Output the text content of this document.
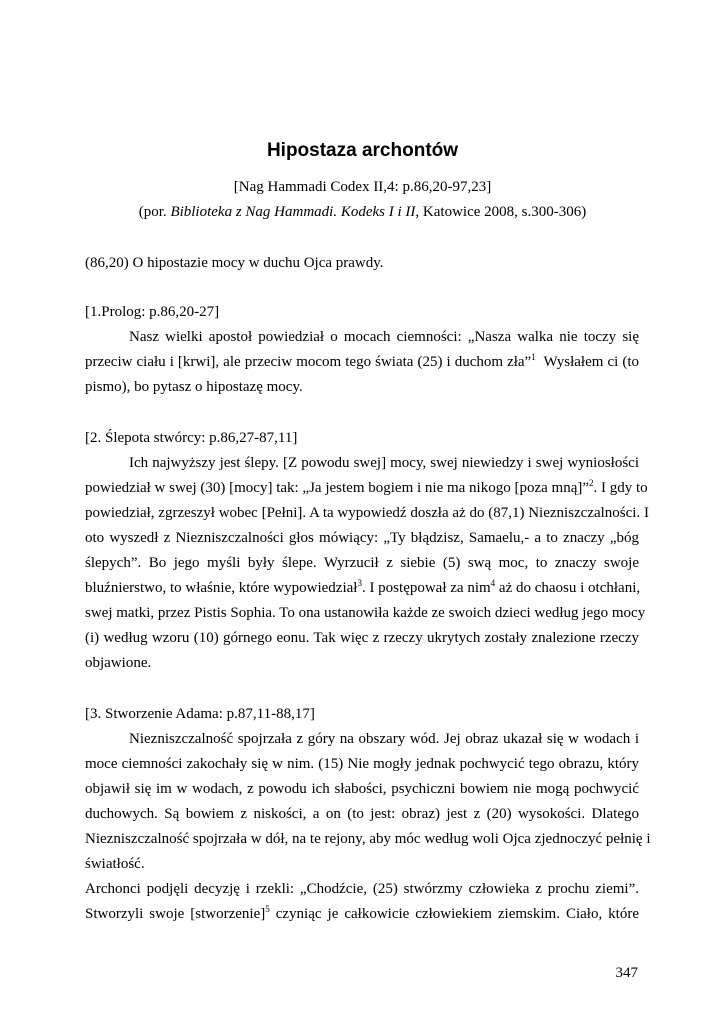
Hipostaza archontów
[Nag Hammadi Codex II,4: p.86,20-97,23]
(por. Biblioteka z Nag Hammadi. Kodeks I i II, Katowice 2008, s.300-306)
(86,20) O hipostazie mocy w duchu Ojca prawdy.
[1.Prolog: p.86,20-27]
Nasz wielki apostoł powiedział o mocach ciemności: „Nasza walka nie toczy się
przeciw ciału i [krwi], ale przeciw mocom tego świata (25) i duchom zła”$^1$  Wysłałem ci (to
pismo), bo pytasz o hipostazę mocy.
[2. Ślepota stwórcy: p.86,27-87,11]
Ich najwyższy jest ślepy. [Z powodu swej] mocy, swej niewiedzy i swej wyniosłości
powiedział w swej (30) [mocy] tak: „Ja jestem bogiem i nie ma nikogo [poza mną]”$^2$. I gdy to
powiedział, zgrzeszył wobec [Pełni]. A ta wypowiedź doszła aż do (87,1) Niezniszczalności. I
oto wyszedł z Niezniszczalności głos mówiący: „Ty błądzisz, Samaelu,- a to znaczy „bóg
ślepych”. Bo jego myśli były ślepe. Wyrzucił z siebie (5) swą moc, to znaczy swoje
bluźnierstwo, to właśnie, które wypowiedział$^3$. I postępował za nim$^4$ aż do chaosu i otchłani,
swej matki, przez Pistis Sophia. To ona ustanowiła każde ze swoich dzieci według jego mocy
(i) według wzoru (10) górnego eonu. Tak więc z rzeczy ukrytych zostały znalezione rzeczy
objawione.
[3. Stworzenie Adama: p.87,11-88,17]
Niezniszczalność spojrzała z góry na obszary wód. Jej obraz ukazał się w wodach i
moce ciemności zakochały się w nim. (15) Nie mogły jednak pochwycić tego obrazu, który
objawił się im w wodach, z powodu ich słabości, psychiczni bowiem nie mogą pochwycić
duchowych. Są bowiem z niskości, a on (to jest: obraz) jest z (20) wysokości. Dlatego
Niezniszczalność spojrzała w dół, na te rejony, aby móc według woli Ojca zjednoczyć pełnię i
światłość.
Archonci podjęli decyzję i rzekli: „Chodźcie, (25) stwórzmy człowieka z prochu ziemi”.
Stworzyli swoje [stworzenie]$^5$ czyniąc je całkowicie człowiekiem ziemskim. Ciało, które
347
